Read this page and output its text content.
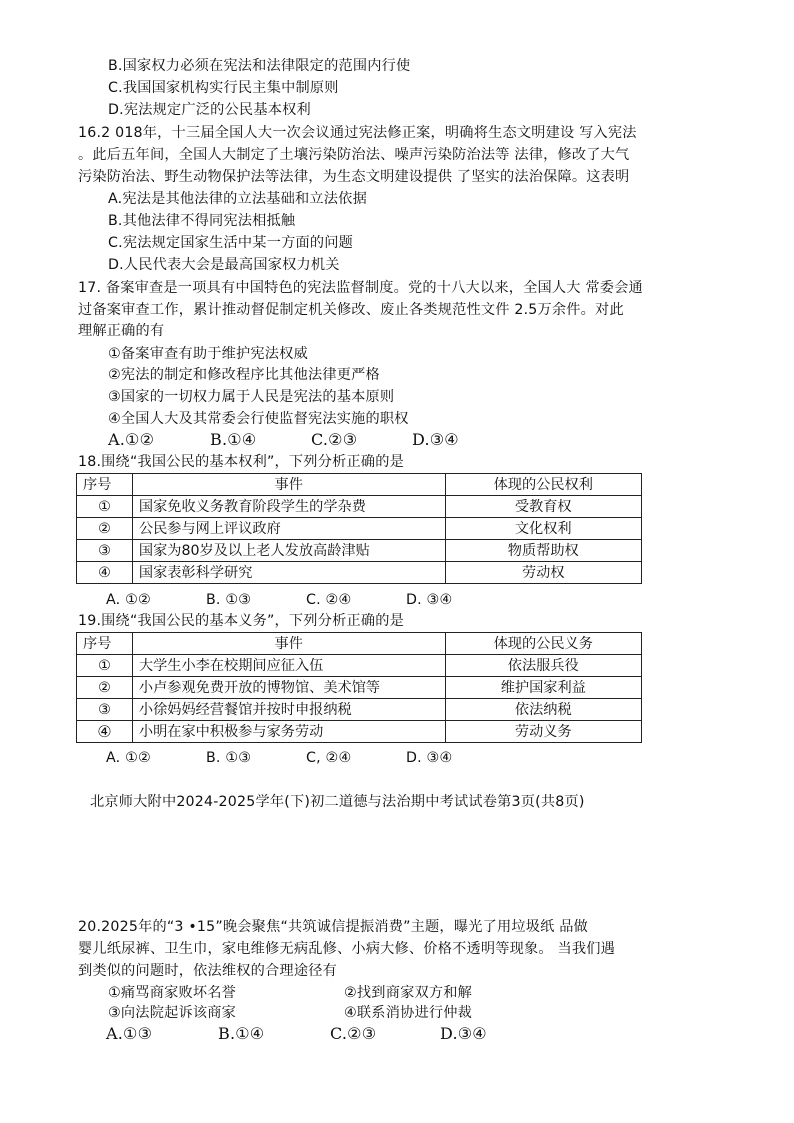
B.国家权力必须在宪法和法律限定的范围内行使
C.我国国家机构实行民主集中制原则
D.宪法规定广泛的公民基本权利
16.2 018年，十三届全国人大一次会议通过宪法修正案，明确将生态文明建设 写入宪法
。此后五年间，全国人大制定了土壤污染防治法、噪声污染防治法等 法律，修改了大气
污染防治法、野生动物保护法等法律，为生态文明建设提供 了坚实的法治保障。这表明
A.宪法是其他法律的立法基础和立法依据
B.其他法律不得同宪法相抵触
C.宪法规定国家生活中某一方面的问题
D.人民代表大会是最高国家权力机关
17. 备案审查是一项具有中国特色的宪法监督制度。党的十八大以来，全国人大 常委会通
过备案审查工作，累计推动督促制定机关修改、废止各类规范性文件 2.5万余件。对此
理解正确的有
①备案审查有助于维护宪法权威
②宪法的制定和修改程序比其他法律更严格
③国家的一切权力属于人民是宪法的基本原则
④全国人大及其常委会行使监督宪法实施的职权
A.①②	B.①④	C.②③	D.③④
18.围绕“我国公民的基本权利”，下列分析正确的是
序号	事件	体现的公民权利
①	国家免收义务教育阶段学生的学杂费	受教育权
②	公民参与网上评议政府	文化权利
③	国家为80岁及以上老人发放高龄津贴	物质帮助权
④	国家表彰科学研究	劳动权
A. ①②	B. ①③	C. ②④	D. ③④
19.围绕“我国公民的基本义务”，下列分析正确的是
序号	事件	体现的公民义务
①	大学生小李在校期间应征入伍	依法服兵役
②	小卢参观免费开放的博物馆、美术馆等	维护国家利益
③	小徐妈妈经营餐馆并按时申报纳税	依法纳税
④	小明在家中积极参与家务劳动	劳动义务
A. ①②	B. ①③	C, ②④	D. ③④
北京师大附中2024-2025学年(下)初二道德与法治期中考试试卷第3页(共8页)
20.2025年的“3 •15”晚会聚焦“共筑诚信提振消费”主题，曝光了用垃圾纸 品做
婴儿纸尿裤、卫生巾，家电维修无病乱修、小病大修、价格不透明等现象。 当我们遇
到类似的问题时，依法维权的合理途径有
①痛骂商家败坏名誉	②找到商家双方和解
③向法院起诉该商家	④联系消协进行仲裁
A.①③	B.①④	C.②③	D.③④
